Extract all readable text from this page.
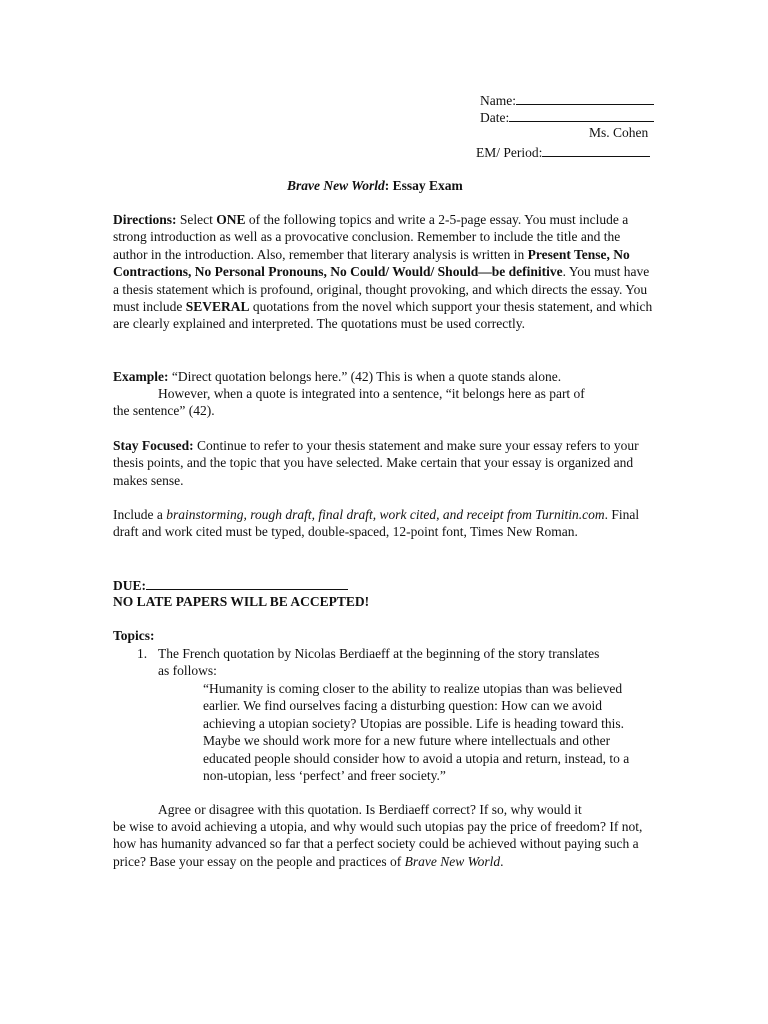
Name:
Date:
Ms. Cohen
EM/ Period:
Brave New World: Essay Exam
Directions: Select ONE of the following topics and write a 2-5-page essay. You must include a strong introduction as well as a provocative conclusion. Remember to include the title and the author in the introduction. Also, remember that literary analysis is written in Present Tense, No Contractions, No Personal Pronouns, No Could/ Would/ Should—be definitive. You must have a thesis statement which is profound, original, thought provoking, and which directs the essay. You must include SEVERAL quotations from the novel which support your thesis statement, and which are clearly explained and interpreted. The quotations must be used correctly.
Example: “Direct quotation belongs here.” (42) This is when a quote stands alone.
However, when a quote is integrated into a sentence, “it belongs here as part of
the sentence” (42).
Stay Focused: Continue to refer to your thesis statement and make sure your essay refers to your thesis points, and the topic that you have selected. Make certain that your essay is organized and makes sense.
Include a brainstorming, rough draft, final draft, work cited, and receipt from Turnitin.com. Final draft and work cited must be typed, double-spaced, 12-point font, Times New Roman.
DUE:
NO LATE PAPERS WILL BE ACCEPTED!
Topics:
1. The French quotation by Nicolas Berdiaeff at the beginning of the story translates
as follows:
“Humanity is coming closer to the ability to realize utopias than was believed earlier. We find ourselves facing a disturbing question: How can we avoid achieving a utopian society? Utopias are possible. Life is heading toward this. Maybe we should work more for a new future where intellectuals and other educated people should consider how to avoid a utopia and return, instead, to a non-utopian, less ‘perfect’ and freer society.”
Agree or disagree with this quotation. Is Berdiaeff correct? If so, why would it
be wise to avoid achieving a utopia, and why would such utopias pay the price of freedom? If not, how has humanity advanced so far that a perfect society could be achieved without paying such a price? Base your essay on the people and practices of Brave New World.
